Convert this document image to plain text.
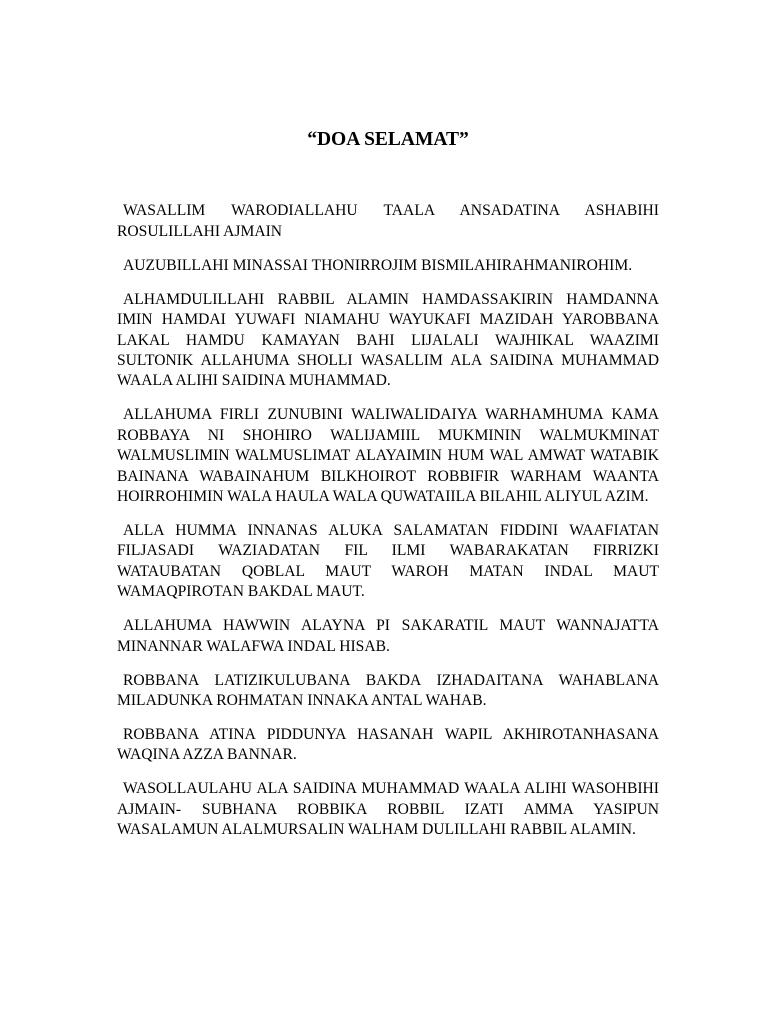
“DOA SELAMAT”

WASALLIM WARODIALLAHU TAALA ANSADATINA ASHABIHI ROSULILLAHI AJMAIN

AUZUBILLAHI MINASSAI THONIRROJIM BISMILAHIRAHMANIROHIM.

ALHAMDULILLAHI RABBIL ALAMIN HAMDASSAKIRIN HAMDANNA IMIN HAMDAI YUWAFI NIAMAHU WAYUKAFI MAZIDAH YAROBBANA LAKAL HAMDU KAMAYAN BAHI LIJALALI WAJHIKAL WAAZIMI SULTONIK ALLAHUMA SHOLLI WASALLIM ALA SAIDINA MUHAMMAD WAALA ALIHI SAIDINA MUHAMMAD.

ALLAHUMA FIRLI ZUNUBINI WALIWALIDAIYA WARHAMHUMA KAMA ROBBAYA NI SHOHIRO WALIJAMIIL MUKMININ WALMUKMINAT WALMUSLIMIN WALMUSLIMAT ALAYAIMIN HUM WAL AMWAT WATABIK BAINANA WABAINAHUM BILKHOIROT ROBBIFIR WARHAM WAANTA HOIRROHIMIN WALA HAULA WALA QUWATAIILA BILAHIL ALIYUL AZIM.

ALLA HUMMA INNANAS ALUKA SALAMATAN FIDDINI WAAFIATAN FILJASADI WAZIADATAN FIL ILMI WABARAKATAN FIRRIZKI WATAUBATAN QOBLAL MAUT WAROH MATAN INDAL MAUT WAMAQPIROTAN BAKDAL MAUT.

ALLAHUMA HAWWIN ALAYNA PI SAKARATIL MAUT WANNAJATTA MINANNAR WALAFWA INDAL HISAB.

ROBBANA LATIZIKULUBANA BAKDA IZHADAITANA WAHABLANA MILADUNKA ROHMATAN INNAKA ANTAL WAHAB.

ROBBANA ATINA PIDDUNYA HASANAH WAPIL AKHIROTANHASANA WAQINA AZZA BANNAR.

WASOLLAULAHU ALA SAIDINA MUHAMMAD WAALA ALIHI WASOHBIHI AJMAIN- SUBHANA ROBBIKA ROBBIL IZATI AMMA YASIPUN WASALAMUN ALALMURSALIN WALHAM DULILLAHI RABBIL ALAMIN.
